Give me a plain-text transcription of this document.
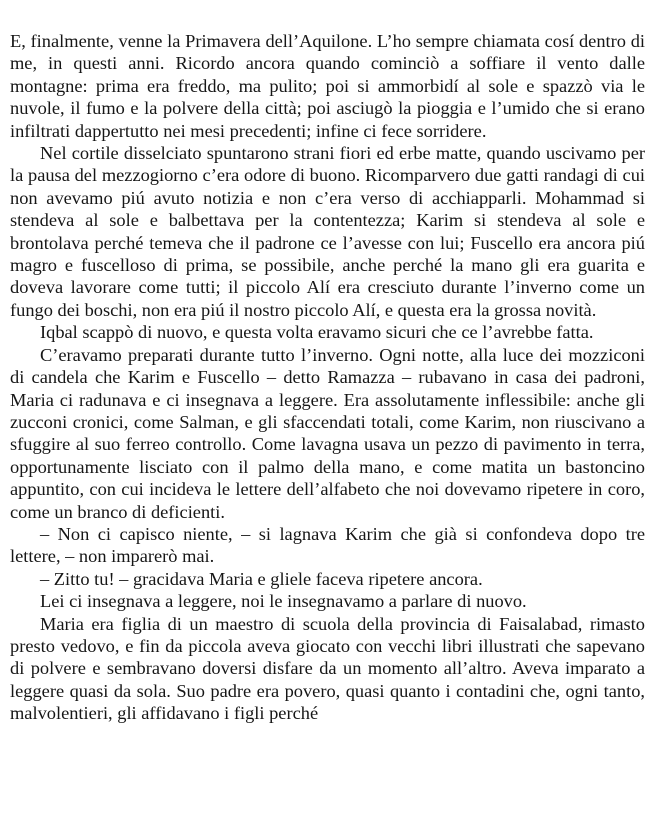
E, finalmente, venne la Primavera dell’Aquilone. L’ho sempre chiamata cosí dentro di me, in questi anni. Ricordo ancora quando cominciò a soffiare il vento dalle montagne: prima era freddo, ma pulito; poi si ammorbidí al sole e spazzò via le nuvole, il fumo e la polvere della città; poi asciugò la pioggia e l’umido che si erano infiltrati dappertutto nei mesi precedenti; infine ci fece sorridere.

Nel cortile disselciato spuntarono strani fiori ed erbe matte, quando uscivamo per la pausa del mezzogiorno c’era odore di buono. Ricomparvero due gatti randagi di cui non avevamo piú avuto notizia e non c’era verso di acchiapparli. Mohammad si stendeva al sole e balbettava per la contentezza; Karim si stendeva al sole e brontolava perché temeva che il padrone ce l’avesse con lui; Fuscello era ancora piú magro e fuscelloso di prima, se possibile, anche perché la mano gli era guarita e doveva lavorare come tutti; il piccolo Alí era cresciuto durante l’inverno come un fungo dei boschi, non era piú il nostro piccolo Alí, e questa era la grossa novità.

Iqbal scappò di nuovo, e questa volta eravamo sicuri che ce l’avrebbe fatta.

C’eravamo preparati durante tutto l’inverno. Ogni notte, alla luce dei mozziconi di candela che Karim e Fuscello – detto Ramazza – rubavano in casa dei padroni, Maria ci radunava e ci insegnava a leggere. Era assolutamente inflessibile: anche gli zucconi cronici, come Salman, e gli sfaccendati totali, come Karim, non riuscivano a sfuggire al suo ferreo controllo. Come lavagna usava un pezzo di pavimento in terra, opportunamente lisciato con il palmo della mano, e come matita un bastoncino appuntito, con cui incideva le lettere dell’alfabeto che noi dovevamo ripetere in coro, come un branco di deficienti.

– Non ci capisco niente, – si lagnava Karim che già si confondeva dopo tre lettere, – non imparerò mai.

– Zitto tu! – gracidava Maria e gliele faceva ripetere ancora.

Lei ci insegnava a leggere, noi le insegnavamo a parlare di nuovo.

Maria era figlia di un maestro di scuola della provincia di Faisalabad, rimasto presto vedovo, e fin da piccola aveva giocato con vecchi libri illustrati che sapevano di polvere e sembravano doversi disfare da un momento all’altro. Aveva imparato a leggere quasi da sola. Suo padre era povero, quasi quanto i contadini che, ogni tanto, malvolentieri, gli affidavano i figli perché
